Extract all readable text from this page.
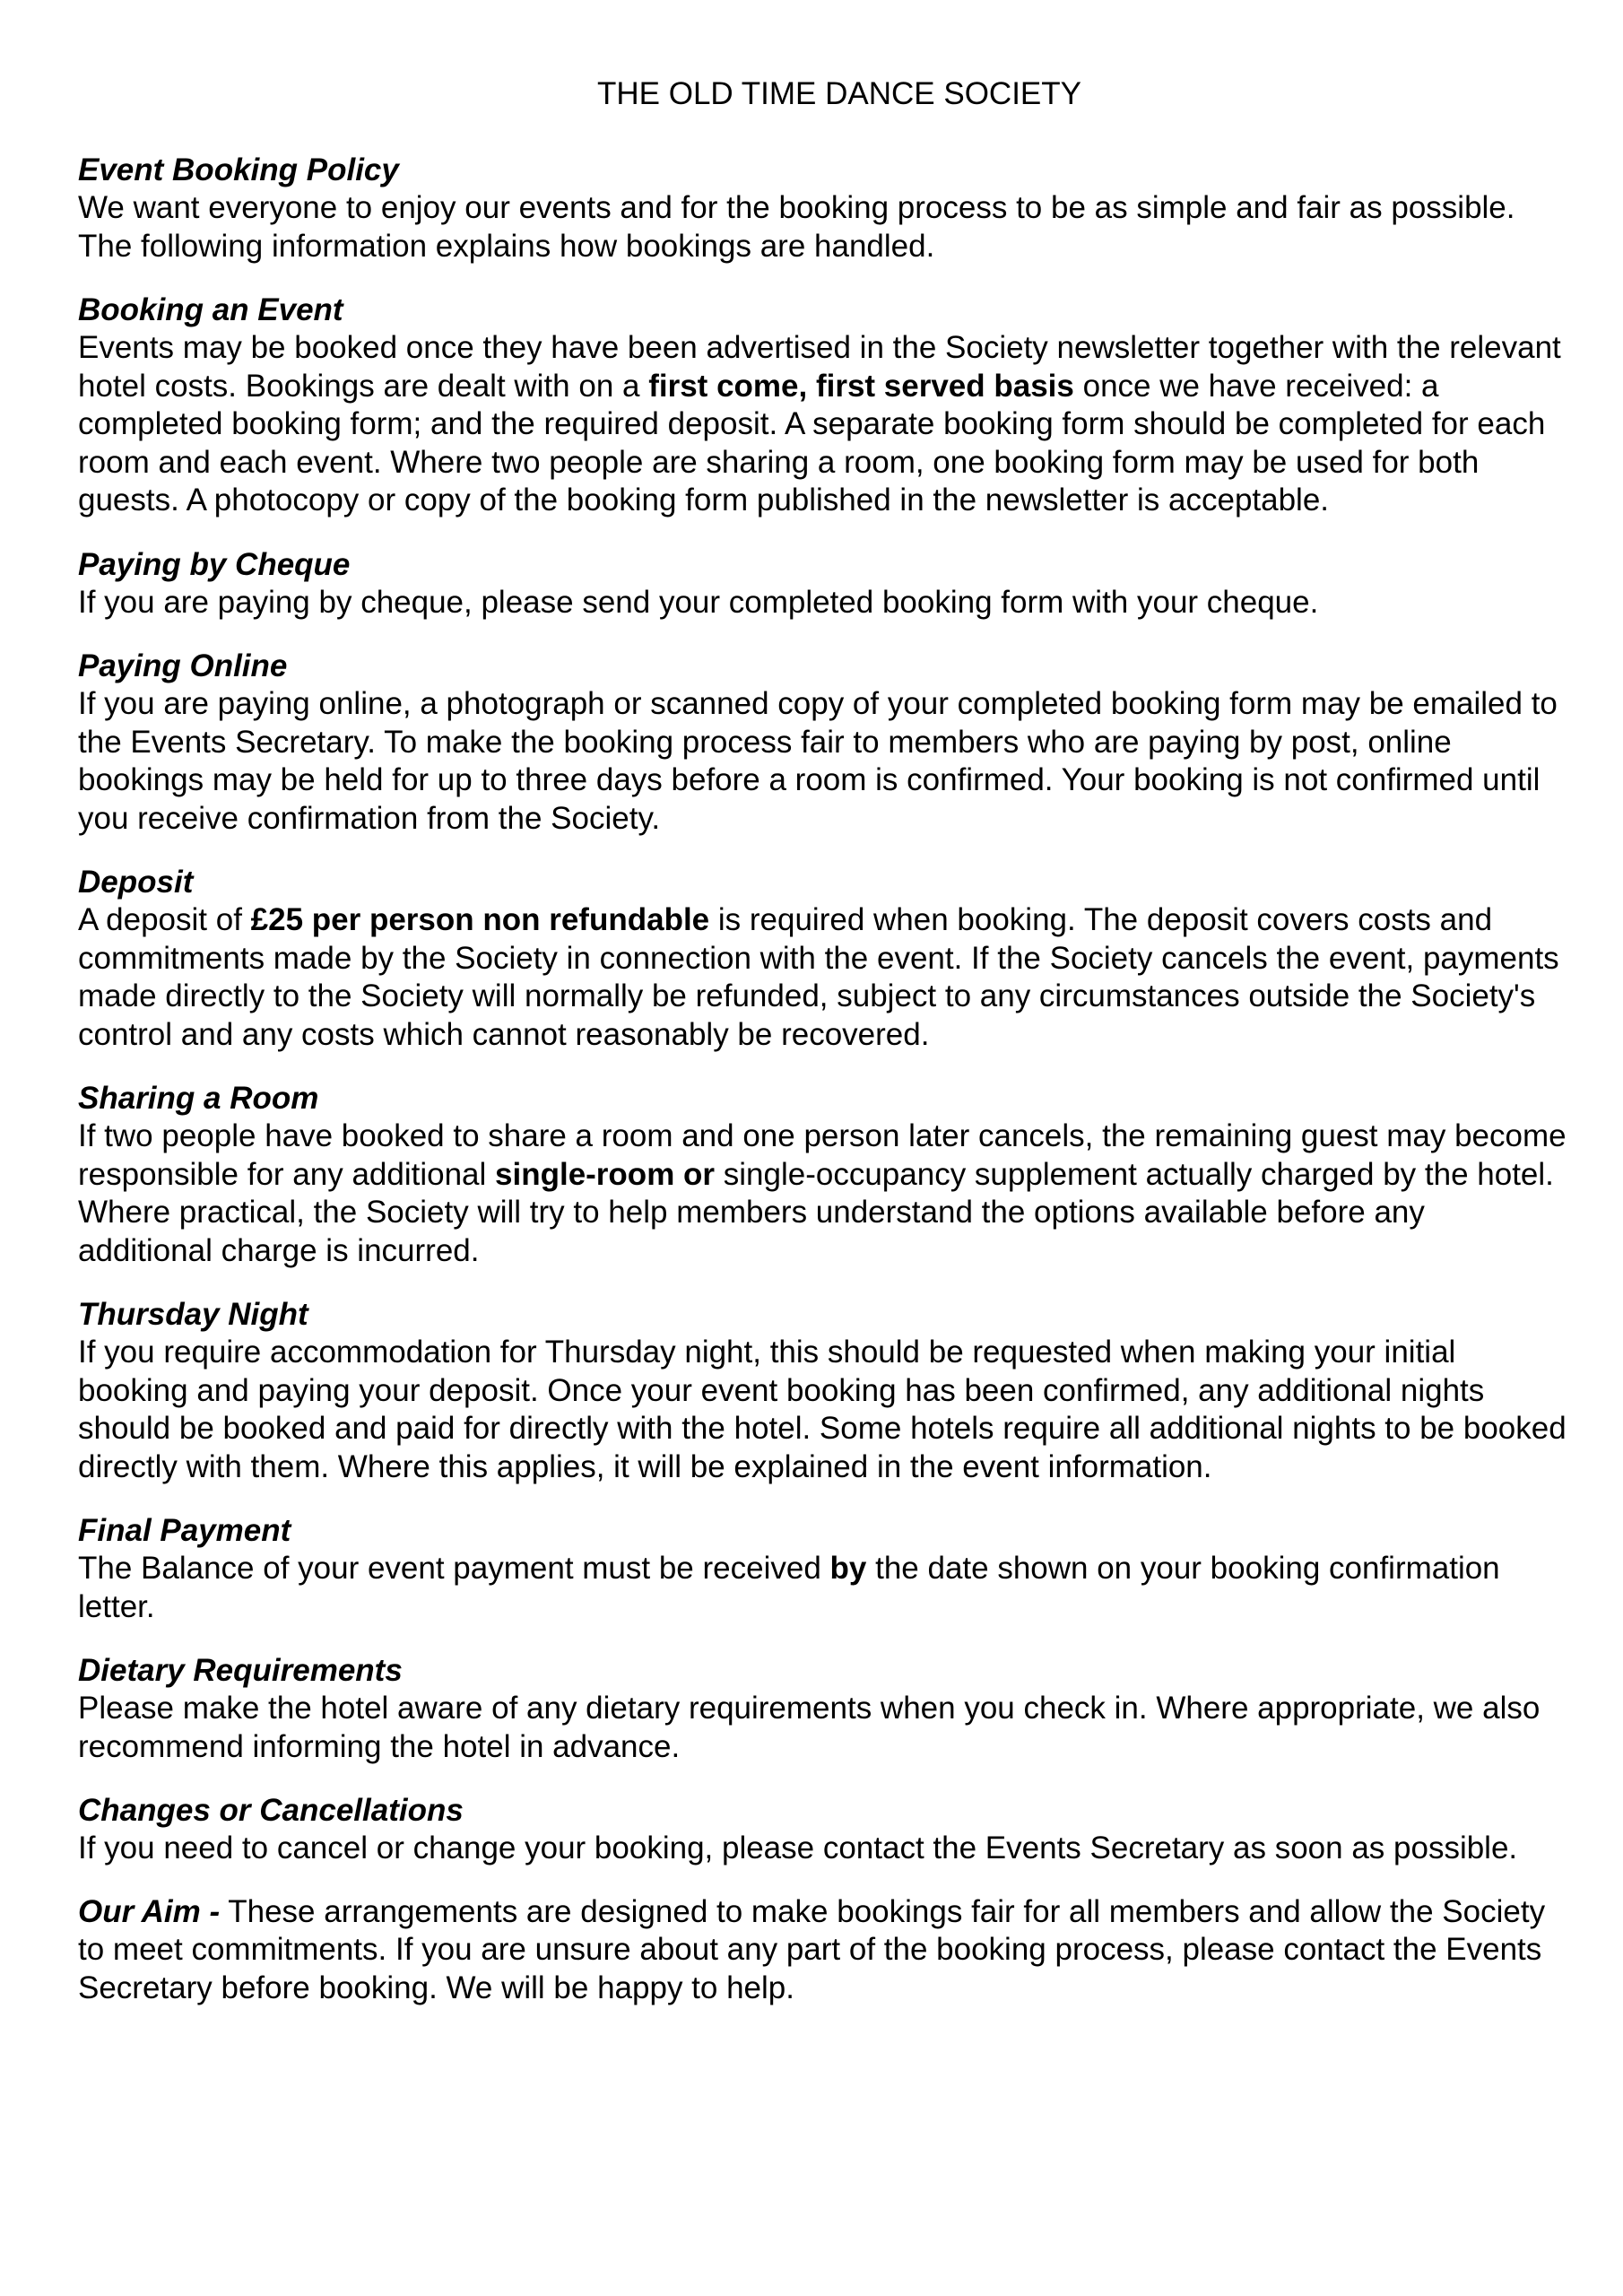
THE OLD TIME DANCE SOCIETY
Event Booking Policy
We want everyone to enjoy our events and for the booking process to be as simple and fair as possible. The following information explains how bookings are handled.
Booking an Event
Events may be booked once they have been advertised in the Society newsletter together with the relevant hotel costs. Bookings are dealt with on a first come, first served basis once we have received: a completed booking form; and the required deposit. A separate booking form should be completed for each room and each event. Where two people are sharing a room, one booking form may be used for both guests. A photocopy or copy of the booking form published in the newsletter is acceptable.
Paying by Cheque
If you are paying by cheque, please send your completed booking form with your cheque.
Paying Online
If you are paying online, a photograph or scanned copy of your completed booking form may be emailed to the Events Secretary. To make the booking process fair to members who are paying by post, online bookings may be held for up to three days before a room is confirmed. Your booking is not confirmed until you receive confirmation from the Society.
Deposit
A deposit of £25 per person non refundable is required when booking. The deposit covers costs and commitments made by the Society in connection with the event. If the Society cancels the event, payments made directly to the Society will normally be refunded, subject to any circumstances outside the Society's control and any costs which cannot reasonably be recovered.
Sharing a Room
If two people have booked to share a room and one person later cancels, the remaining guest may become responsible for any additional single-room or single-occupancy supplement actually charged by the hotel. Where practical, the Society will try to help members understand the options available before any additional charge is incurred.
Thursday Night
If you require accommodation for Thursday night, this should be requested when making your initial booking and paying your deposit. Once your event booking has been confirmed, any additional nights should be booked and paid for directly with the hotel. Some hotels require all additional nights to be booked directly with them. Where this applies, it will be explained in the event information.
Final Payment
The Balance of your event payment must be received by the date shown on your booking confirmation letter.
Dietary Requirements
Please make the hotel aware of any dietary requirements when you check in. Where appropriate, we also recommend informing the hotel in advance.
Changes or Cancellations
If you need to cancel or change your booking, please contact the Events Secretary as soon as possible.
Our Aim - These arrangements are designed to make bookings fair for all members and allow the Society to meet commitments. If you are unsure about any part of the booking process, please contact the Events Secretary before booking. We will be happy to help.
